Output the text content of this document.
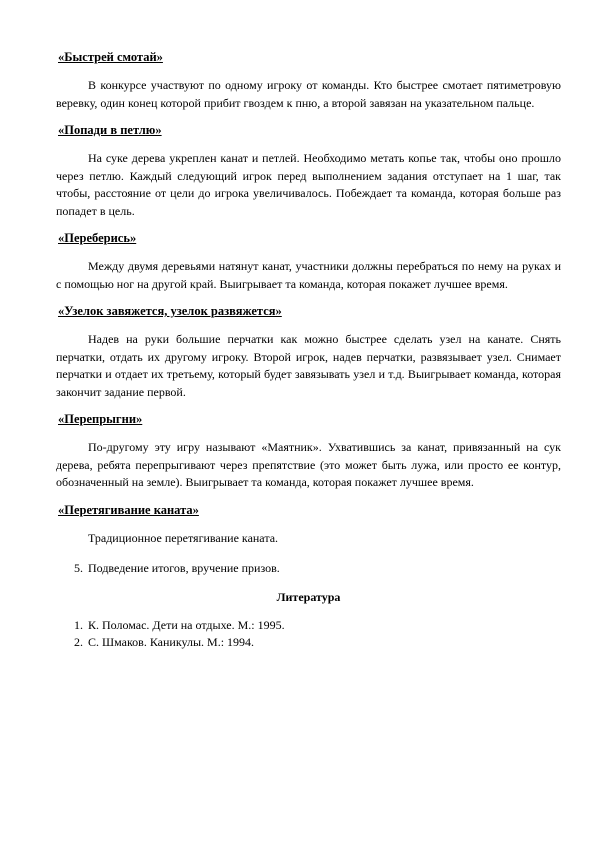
«Быстрей смотай»

В конкурсе участвуют по одному игроку от команды. Кто быстрее смотает пятиметровую веревку, один конец которой прибит гвоздем к пню, а второй завязан на указательном пальце.

«Попади в петлю»

На суке дерева укреплен канат и петлей. Необходимо метать копье так, чтобы оно прошло через петлю. Каждый следующий игрок перед выполнением задания отступает на 1 шаг, так чтобы, расстояние от цели до игрока увеличивалось. Побеждает та команда, которая больше раз попадет в цель.

«Переберись»

Между двумя деревьями натянут канат, участники должны перебраться по нему на руках и с помощью ног на другой край. Выигрывает та команда, которая покажет лучшее время.

«Узелок завяжется, узелок развяжется»

Надев на руки большие перчатки как можно быстрее сделать узел на канате. Снять перчатки, отдать их другому игроку. Второй игрок, надев перчатки, развязывает узел. Снимает перчатки и отдает их третьему, который будет завязывать узел и т.д. Выигрывает команда, которая закончит задание первой.

«Перепрыгни»

По-другому эту игру называют «Маятник». Ухватившись за канат, привязанный на сук дерева, ребята перепрыгивают через препятствие (это может быть лужа, или просто ее контур, обозначенный на земле). Выигрывает та команда, которая покажет лучшее время.

«Перетягивание каната»

Традиционное перетягивание каната.

5. Подведение итогов, вручение призов.
Литература
1. К. Поломас. Дети на отдыхе. М.: 1995.
2. С. Шмаков. Каникулы. М.: 1994.
